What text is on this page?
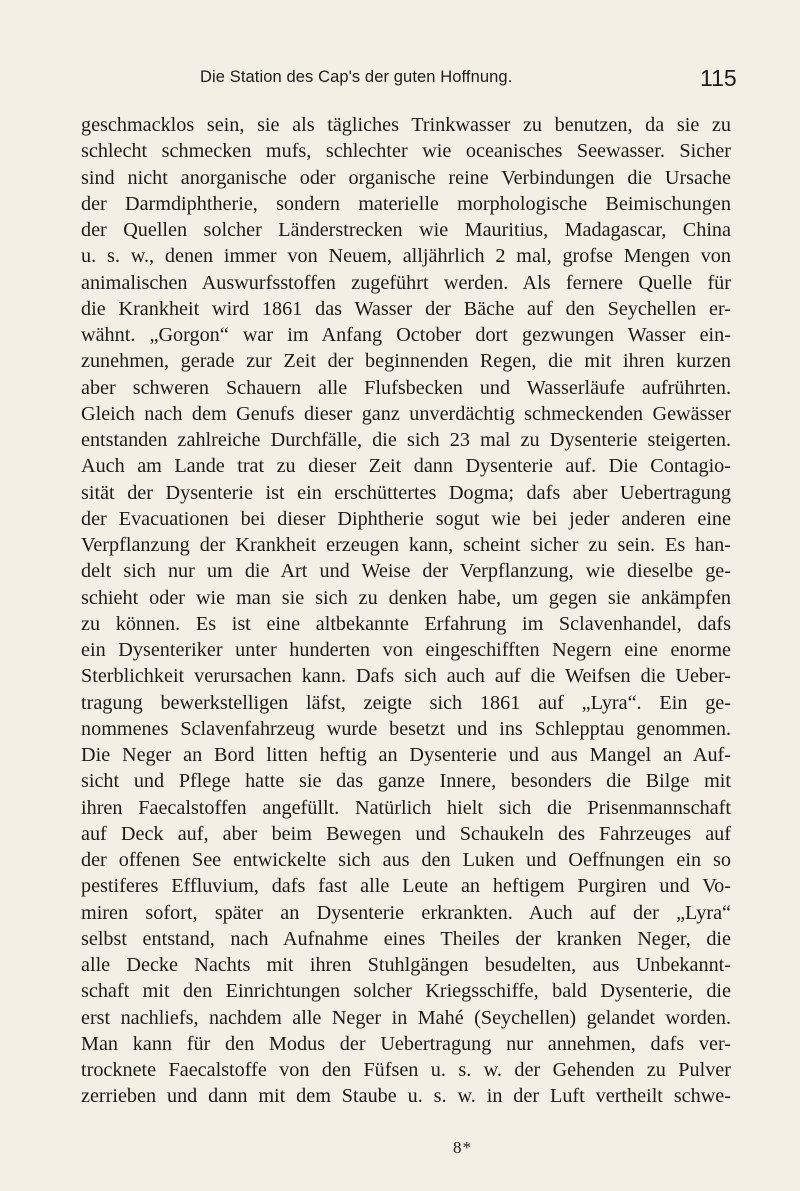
Die Station des Cap's der guten Hoffnung.	115
geschmacklos sein, sie als tägliches Trinkwasser zu benutzen, da sie zu
schlecht schmecken mufs, schlechter wie oceanisches Seewasser. Sicher
sind nicht anorganische oder organische reine Verbindungen die Ursache
der Darmdiphtherie, sondern materielle morphologische Beimischungen
der Quellen solcher Länderstrecken wie Mauritius, Madagascar, China
u. s. w., denen immer von Neuem, alljährlich 2 mal, grofse Mengen von
animalischen Auswurfsstoffen zugeführt werden. Als fernere Quelle für
die Krankheit wird 1861 das Wasser der Bäche auf den Seychellen er-
wähnt. „Gorgon“ war im Anfang October dort gezwungen Wasser ein-
zunehmen, gerade zur Zeit der beginnenden Regen, die mit ihren kurzen
aber schweren Schauern alle Flufsbecken und Wasserläufe aufrührten.
Gleich nach dem Genufs dieser ganz unverdächtig schmeckenden Gewässer
entstanden zahlreiche Durchfälle, die sich 23 mal zu Dysenterie steigerten.
Auch am Lande trat zu dieser Zeit dann Dysenterie auf. Die Contagio-
sität der Dysenterie ist ein erschüttertes Dogma; dafs aber Uebertragung
der Evacuationen bei dieser Diphtherie sogut wie bei jeder anderen eine
Verpflanzung der Krankheit erzeugen kann, scheint sicher zu sein. Es han-
delt sich nur um die Art und Weise der Verpflanzung, wie dieselbe ge-
schieht oder wie man sie sich zu denken habe, um gegen sie ankämpfen
zu können. Es ist eine altbekannte Erfahrung im Sclavenhandel, dafs
ein Dysenteriker unter hunderten von eingeschifften Negern eine enorme
Sterblichkeit verursachen kann. Dafs sich auch auf die Weifsen die Ueber-
tragung bewerkstelligen läfst, zeigte sich 1861 auf „Lyra“. Ein ge-
nommenes Sclavenfahrzeug wurde besetzt und ins Schlepptau genommen.
Die Neger an Bord litten heftig an Dysenterie und aus Mangel an Auf-
sicht und Pflege hatte sie das ganze Innere, besonders die Bilge mit
ihren Faecalstoffen angefüllt. Natürlich hielt sich die Prisenmannschaft
auf Deck auf, aber beim Bewegen und Schaukeln des Fahrzeuges auf
der offenen See entwickelte sich aus den Luken und Oeffnungen ein so
pestiferes Effluvium, dafs fast alle Leute an heftigem Purgiren und Vo-
miren sofort, später an Dysenterie erkrankten. Auch auf der „Lyra“
selbst entstand, nach Aufnahme eines Theiles der kranken Neger, die
alle Decke Nachts mit ihren Stuhlgängen besudelten, aus Unbekannt-
schaft mit den Einrichtungen solcher Kriegsschiffe, bald Dysenterie, die
erst nachliefs, nachdem alle Neger in Mahé (Seychellen) gelandet worden.
Man kann für den Modus der Uebertragung nur annehmen, dafs ver-
trocknete Faecalstoffe von den Füfsen u. s. w. der Gehenden zu Pulver
zerrieben und dann mit dem Staube u. s. w. in der Luft vertheilt schwe-
8*
